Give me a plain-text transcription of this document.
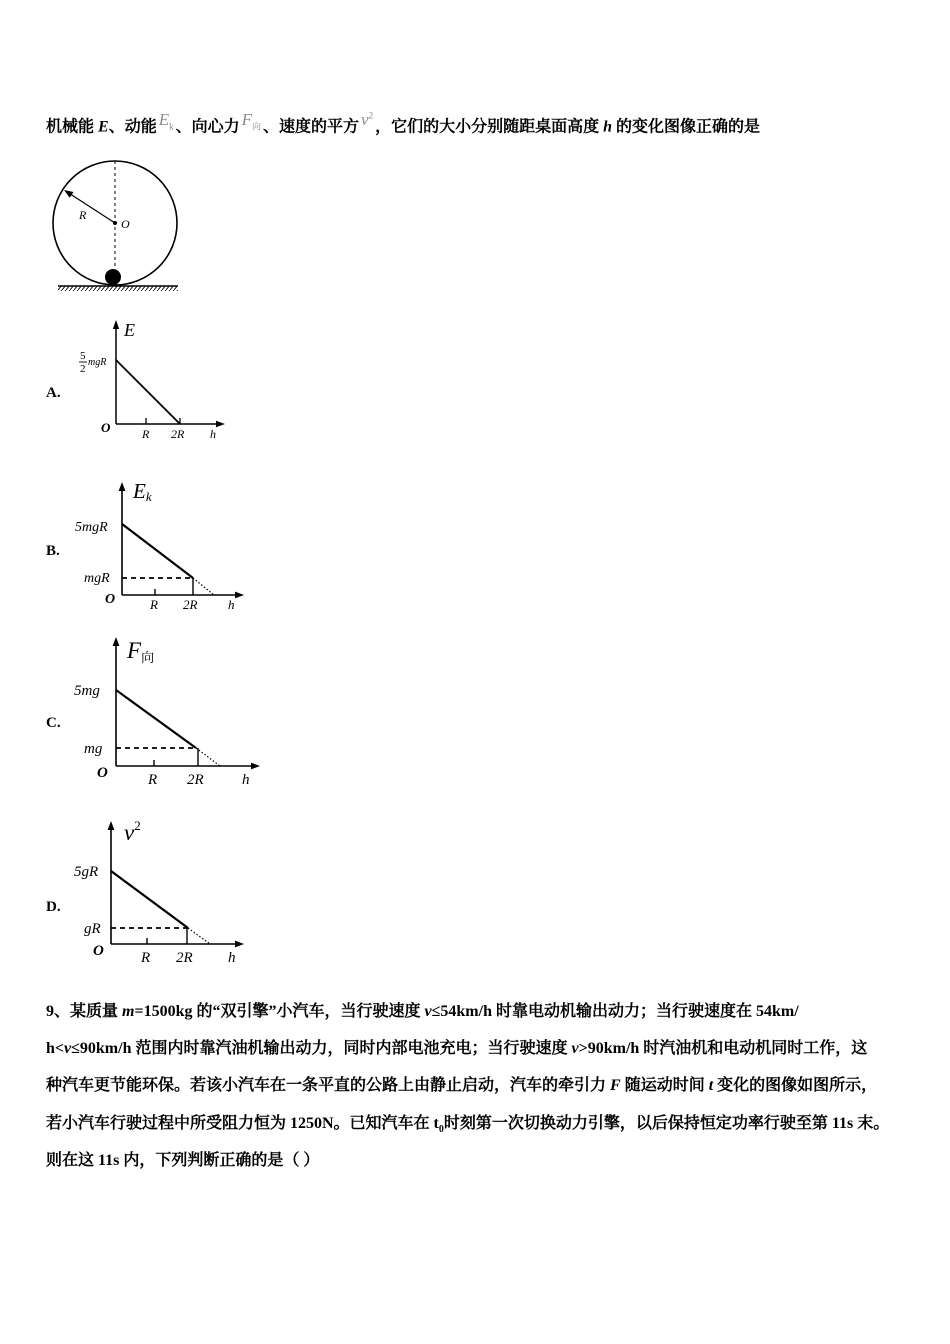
机械能 E、动能 $E_k$ 、向心力 $F_向$ 、速度的平方 $v^2$，它们的大小分别随距桌面高度 h 的变化图像正确的是
R
O
A.
E
5
2
mgR
O	R 2R h
B.
Ek
5mgR
mgR
O	R 2R h
C.
F向
5mg
mg
O	R 2R	h
D.
$v^2$
5gR
gR
O R 2R h
9、某质量 m=1500kg 的“双引擎”小汽车，当行驶速度 v≤54km/h 时靠电动机输出动力；当行驶速度在 54km/
h<v≤90km/h 范围内时靠汽油机输出动力，同时内部电池充电；当行驶速度 v>90km/h 时汽油机和电动机同时工作，这
种汽车更节能环保。若该小汽车在一条平直的公路上由静止启动，汽车的牵引力 F 随运动时间 t 变化的图像如图所示，
若小汽车行驶过程中所受阻力恒为 1250N。已知汽车在 $t_0$时刻第一次切换动力引擎，以后保持恒定功率行驶至第 11s 末。
则在这 11s 内，下列判断正确的是（ ）
